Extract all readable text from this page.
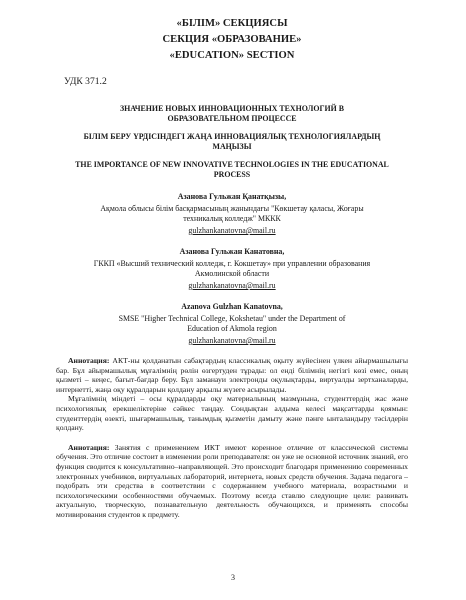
«БІЛІМ» СЕКЦИЯСЫ

СЕКЦИЯ «ОБРАЗОВАНИЕ»

«EDUCATION» SECTION

УДК 371.2

ЗНАЧЕНИЕ НОВЫХ ИННОВАЦИОННЫХ ТЕХНОЛОГИЙ В ОБРАЗОВАТЕЛЬНОМ ПРОЦЕССЕ

БІЛІМ БЕРУ ҮРДІСІНДЕГІ ЖАҢА ИННОВАЦИЯЛЫҚ ТЕХНОЛОГИЯЛАРДЫҢ МАҢЫЗЫ

THE IMPORTANCE OF NEW INNOVATIVE TECHNOLOGIES IN THE EDUCATIONAL PROCESS

Азанова Гульжан Қанатқызы,
Ақмола облысы білім басқармасының жанындағы "Көкшетау қаласы, Жоғары техникалық колледж" МККК
gulzhankanatovna@mail.ru
Азанова Гульжан Канатовна,
ГККП «Высший технический колледж, г. Кокшетау» при управлении образования Акмолинской области
gulzhankanatovna@mail.ru
Azanova Gulzhan Kanatovna,
SMSE "Higher Technical College, Kokshetau" under the Department of Education of Akmola region
gulzhankanatovna@mail.ru

Аннотация: АКТ-ны қолданатын сабақтардың классикалық оқыту жүйесінен үлкен айырмашылығы бар. Бұл айырмашылық мұғалімнің рөлін өзгертуден тұрады: ол енді білімнің негізгі көзі емес, оның қызметі – кеңес, бағыт-бағдар беру. Бұл заманауи электронды оқулықтарды, виртуалды зертханаларды, интернетті, жаңа оқу құралдарын қолдану арқылы жүзеге асырылады.

Мұғалімнің міндеті – осы құралдарды оқу материалының мазмұнына, студенттердің жас және психологиялық ерекшеліктеріне сәйкес таңдау. Сондықтан алдыма келесі мақсаттарды қоямын: студенттердің өзекті, шығармашылық, танымдық қызметін дамыту және пәнге ынталандыру тәсілдерін қолдану.

Аннотация: Занятия с применением ИКТ имеют коренное отличие от классической системы обучения. Это отличие состоит в изменении роли преподавателя: он уже не основной источник знаний, его функция сводится к консультативно–направляющей. Это происходит благодаря применению современных электронных учебников, виртуальных лабораторий, интернета, новых средств обучения. Задача педагога – подобрать эти средства в соответствии с содержанием учебного материала, возрастными и психологическими особенностями обучаемых. Поэтому всегда ставлю следующие цели: развивать актуальную, творческую, познавательную деятельность обучающихся, и применять способы мотивирования студентов к предмету.

3
